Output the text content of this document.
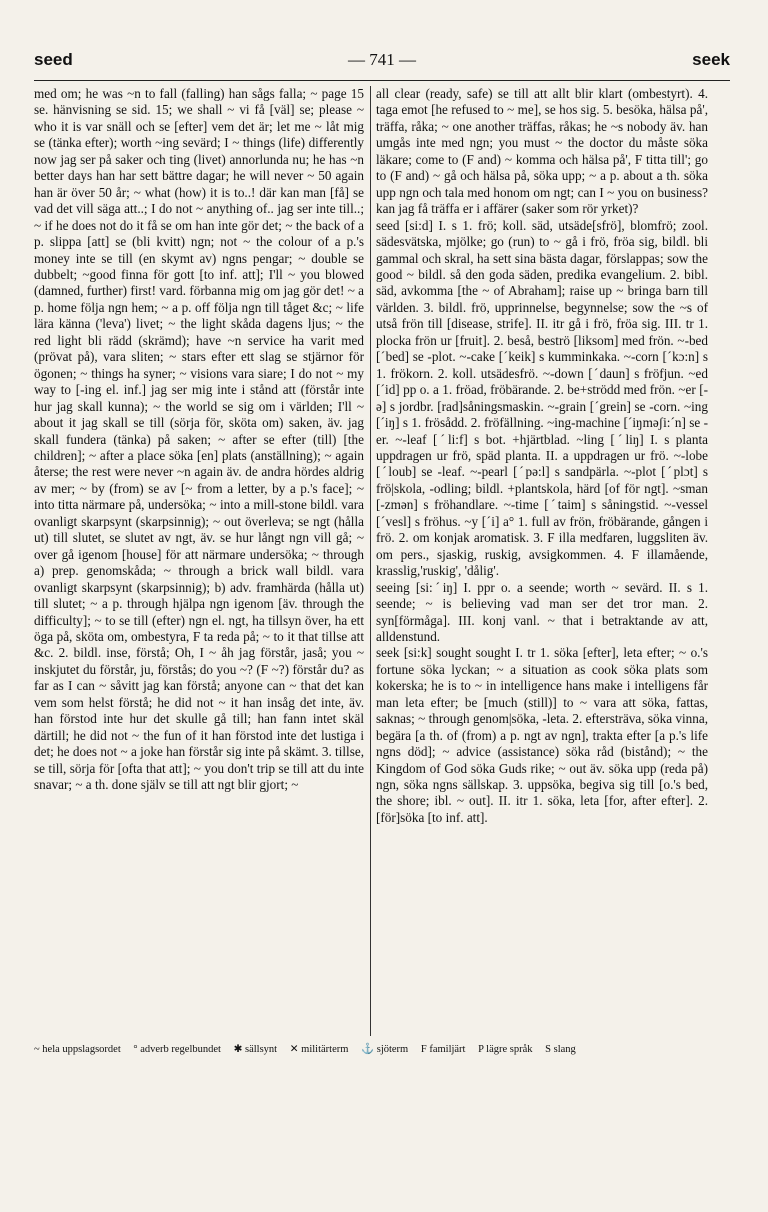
seed	— 741 —	seek
med om; he was ~n to fall (falling) han sågs falla; ~ page 15 se. hänvisning se sid. 15; we shall ~ vi få [väl] se; please ~ who it is var snäll och se [efter] vem det är; let me ~ låt mig se (tänka efter); worth ~ing sevärd; I ~ things (life) differently now jag ser på saker och ting (livet) annorlunda nu; he has ~n better days han har sett bättre dagar; he will never ~ 50 again han är över 50 år; ~ what (how) it is to..! där kan man [få] se vad det vill säga att..; I do not ~ anything of.. jag ser inte till..; ~ if he does not do it få se om han inte gör det; ~ the back of a p. slippa [att] se (bli kvitt) ngn; not ~ the colour of a p.'s money inte se till (en skymt av) ngns pengar; ~ double se dubbelt; ~good finna för gott [to inf. att]; I'll ~ you blowed (damned, further) first! vard. förbanna mig om jag gör det! ~ a p. home följa ngn hem; ~ a p. off följa ngn till tåget &c; ~ life lära känna ('leva') livet; ~ the light skåda dagens ljus; ~ the red light bli rädd (skrämd); have ~n service ha varit med (prövat på), vara sliten; ~ stars efter ett slag se stjärnor för ögonen; ~ things ha syner; ~ visions vara siare; I do not ~ my way to [-ing el. inf.] jag ser mig inte i stånd att (förstår inte hur jag skall kunna); ~ the world se sig om i världen; I'll ~ about it jag skall se till (sörja för, sköta om) saken, äv. jag skall fundera (tänka) på saken; ~ after se efter (till) [the children]; ~ after a place söka [en] plats (anställning); ~ again återse; the rest were never ~n again äv. de andra hördes aldrig av mer; ~ by (from) se av [~ from a letter, by a p.'s face]; ~ into titta närmare på, undersöka; ~ into a mill-stone bildl. vara ovanligt skarpsynt (skarpsinnig); ~ out överleva; se ngt (hålla ut) till slutet, se slutet av ngt, äv. se hur långt ngn vill gå; ~ over gå igenom [house] för att närmare undersöka; ~ through a) prep. genomskåda; ~ through a brick wall bildl. vara ovanligt skarpsynt (skarpsinnig); b) adv. framhärda (hålla ut) till slutet; ~ a p. through hjälpa ngn igenom [äv. through the difficulty]; ~ to se till (efter) ngn el. ngt, ha tillsyn över, ha ett öga på, sköta om, ombestyra, F ta reda på; ~ to it that tillse att &c. 2. bildl. inse, förstå; Oh, I ~ åh jag förstår, jaså; you ~ inskjutet du förstår, ju, förstås; do you ~? (F ~?) förstår du? as far as I can ~ såvitt jag kan förstå; anyone can ~ that det kan vem som helst förstå; he did not ~ it han insåg det inte, äv. han förstod inte hur det skulle gå till; han fann intet skäl därtill; he did not ~ the fun of it han förstod inte det lustiga i det; he does not ~ a joke han förstår sig inte på skämt. 3. tillse, se till, sörja för [ofta that att]; ~ you don't trip se till att du inte snavar; ~ a th. done själv se till att ngt blir gjort; ~
all clear (ready, safe) se till att allt blir klart (ombestyrt). 4. taga emot [he refused to ~ me], se hos sig. 5. besöka, hälsa på', träffa, råka; ~ one another träffas, råkas; he ~s nobody äv. han umgås inte med ngn; you must ~ the doctor du måste söka läkare; come to (F and) ~ komma och hälsa på', F titta till'; go to (F and) ~ gå och hälsa på, söka upp; ~ a p. about a th. söka upp ngn och tala med honom om ngt; can I ~ you on business? kan jag få träffa er i affärer (saker som rör yrket)?
seed [si:d] I. s 1. frö; koll. säd, utsäde[sfrö], blomfrö; zool. sädesvätska, mjölke; go (run) to ~ gå i frö, fröa sig, bildl. bli gammal och skral, ha sett sina bästa dagar, förslappas; sow the good ~ bildl. så den goda säden, predika evangelium. 2. bibl. säd, avkomma [the ~ of Abraham]; raise up ~ bringa barn till världen. 3. bildl. frö, upprinnelse, begynnelse; sow the ~s of utså frön till [disease, strife]. II. itr gå i frö, fröa sig. III. tr 1. plocka frön ur [fruit]. 2. beså, beströ [liksom] med frön. ~-bed [ˊbed] se -plot. ~-cake [ˊkeik] s kumminkaka. ~-corn [ˊkɔ:n] s 1. frökorn. 2. koll. utsädesfrö. ~-down [ˊdaun] s fröfjun. ~ed [ˊid] pp o. a 1. fröad, fröbärande. 2. be+strödd med frön. ~er [-ə] s jordbr. [rad]såningsmaskin. ~-grain [ˊgrein] se -corn. ~ing [ˊiŋ] s 1. frösådd. 2. fröfällning. ~ing-machine [ˊiŋməʃi:ˊn] se -er. ~-leaf [ˊli:f] s bot. +hjärtblad. ~ling [ˊliŋ] I. s planta uppdragen ur frö, späd planta. II. a uppdragen ur frö. ~-lobe [ˊloub] se -leaf. ~-pearl [ˊpə:l] s sandpärla. ~-plot [ˊplɔt] s frö|skola, -odling; bildl. +plantskola, härd [of för ngt]. ~sman [-zmən] s fröhandlare. ~-time [ˊtaim] s såningstid. ~-vessel [ˊvesl] s fröhus. ~y [ˊi] a° 1. full av frön, fröbärande, gången i frö. 2. om konjak aromatisk. 3. F illa medfaren, luggsliten äv. om pers., sjaskig, ruskig, avsigkommen. 4. F illamående, krasslig,'ruskig', 'dålig'.
seeing [si:ˊiŋ] I. ppr o. a seende; worth ~ sevärd. II. s 1. seende; ~ is believing vad man ser det tror man. 2. syn[förmåga]. III. konj vanl. ~ that i betraktande av att, alldenstund.
seek [si:k] sought sought I. tr 1. söka [efter], leta efter; ~ o.'s fortune söka lyckan; ~ a situation as cook söka plats som kokerska; he is to ~ in intelligence hans make i intelligens får man leta efter; be [much (still)] to ~ vara att söka, fattas, saknas; ~ through genom|söka, -leta. 2. eftersträva, söka vinna, begära [a th. of (from) a p. ngt av ngn], trakta efter [a p.'s life ngns död]; ~ advice (assistance) söka råd (bistånd); ~ the Kingdom of God söka Guds rike; ~ out äv. söka upp (reda på) ngn, söka ngns sällskap. 3. uppsöka, begiva sig till [o.'s bed, the shore; ibl. ~ out]. II. itr 1. söka, leta [for, after efter]. 2. [för]söka [to inf. att].
~ hela uppslagsordet ° adverb regelbundet ✱ sällsynt ✕ militärterm ⚓ sjöterm F familjärt P lägre språk S slang
